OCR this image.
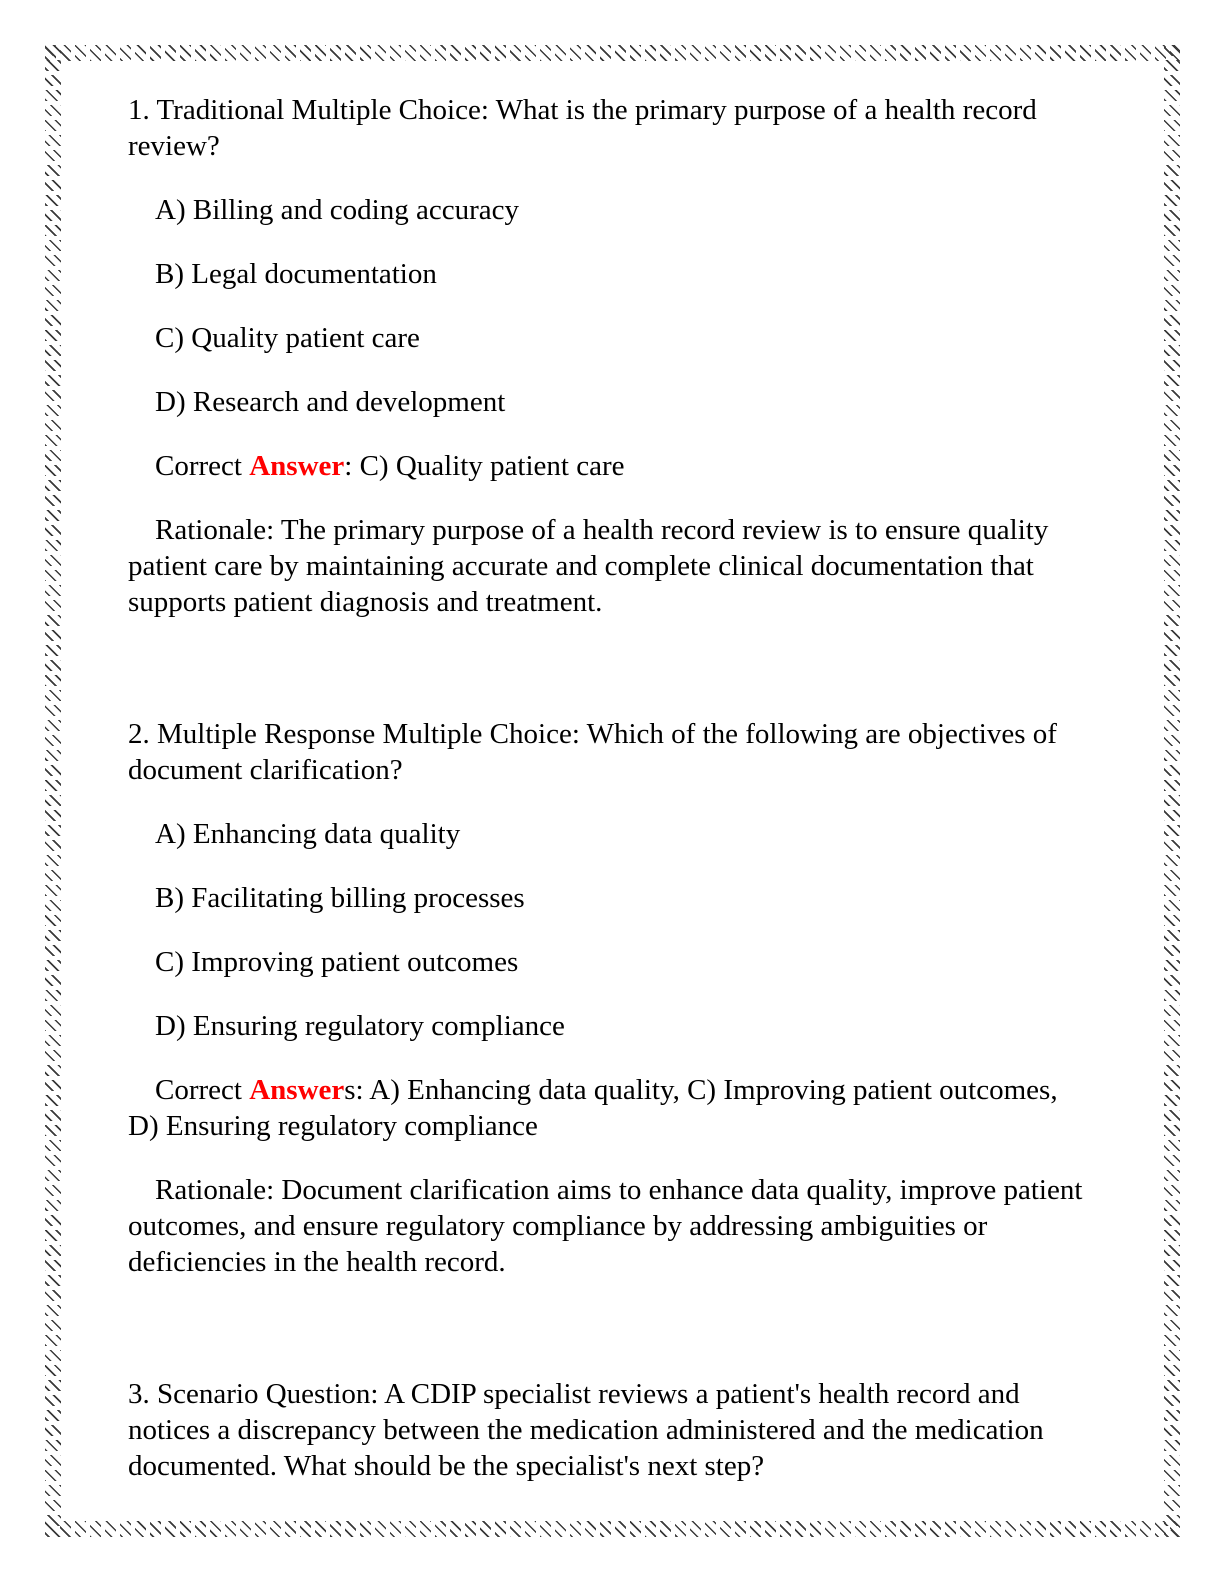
1. Traditional Multiple Choice: What is the primary purpose of a health record review?

A) Billing and coding accuracy

B) Legal documentation

C) Quality patient care

D) Research and development

Correct Answer: C) Quality patient care

Rationale: The primary purpose of a health record review is to ensure quality patient care by maintaining accurate and complete clinical documentation that supports patient diagnosis and treatment.

2. Multiple Response Multiple Choice: Which of the following are objectives of document clarification?

A) Enhancing data quality

B) Facilitating billing processes

C) Improving patient outcomes

D) Ensuring regulatory compliance

Correct Answers: A) Enhancing data quality, C) Improving patient outcomes, D) Ensuring regulatory compliance

Rationale: Document clarification aims to enhance data quality, improve patient outcomes, and ensure regulatory compliance by addressing ambiguities or deficiencies in the health record.

3. Scenario Question: A CDIP specialist reviews a patient's health record and notices a discrepancy between the medication administered and the medication documented. What should be the specialist's next step?
